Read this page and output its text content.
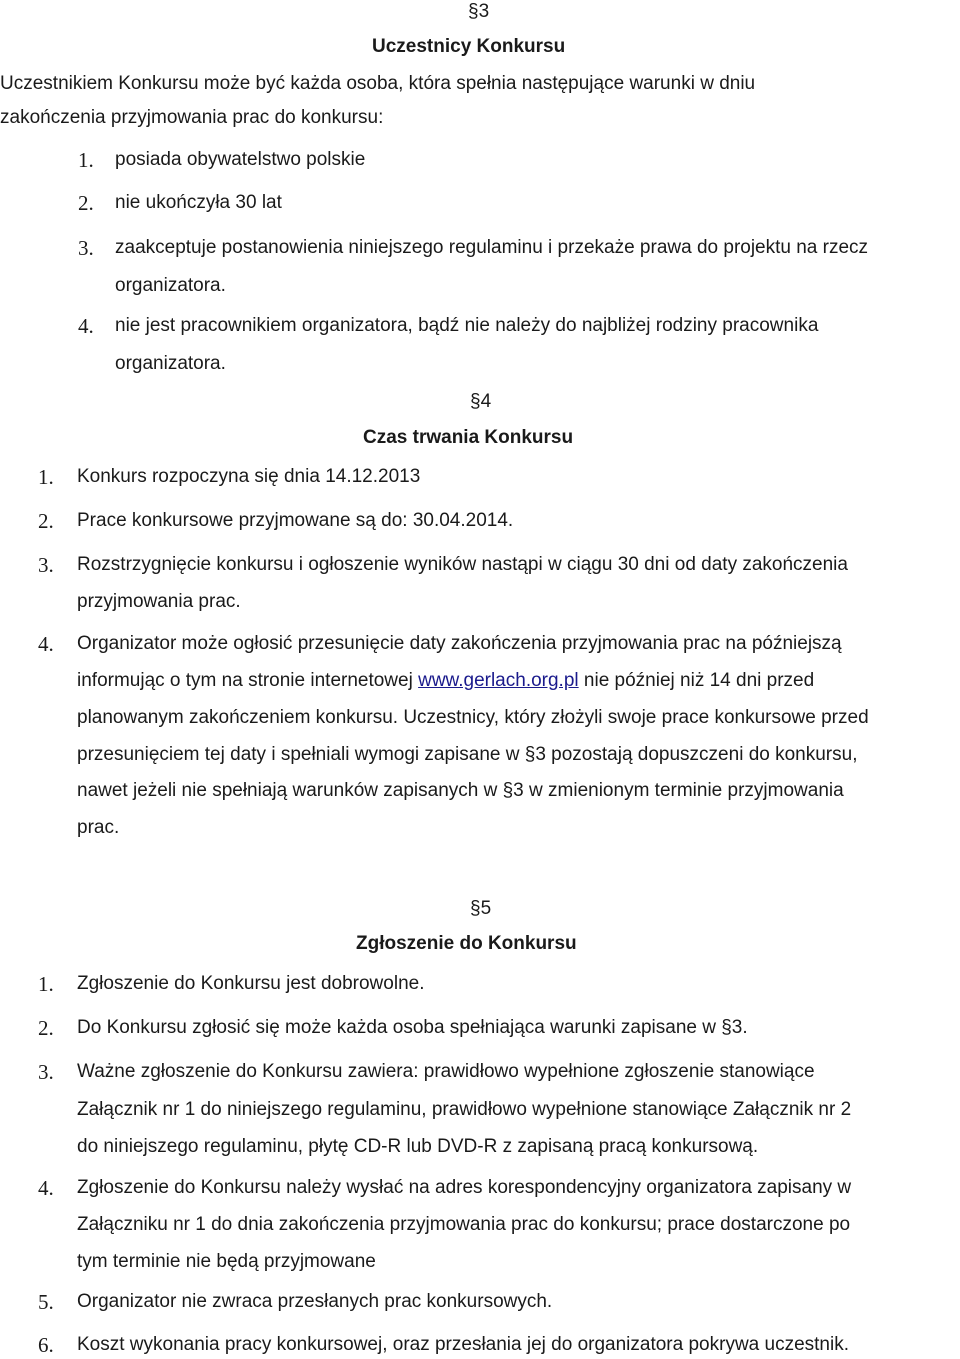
§3
Uczestnicy Konkursu
Uczestnikiem Konkursu może być każda osoba, która spełnia następujące warunki w dniu
zakończenia przyjmowania prac do konkursu:
1. posiada obywatelstwo polskie
2. nie ukończyła 30 lat
3. zaakceptuje postanowienia niniejszego regulaminu i przekaże prawa do projektu na rzecz
organizatora.
4. nie jest pracownikiem organizatora, bądź nie należy do najbliżej rodziny pracownika
organizatora.
§4
Czas trwania Konkursu
1. Konkurs rozpoczyna się dnia 14.12.2013
2. Prace konkursowe przyjmowane są do: 30.04.2014.
3. Rozstrzygnięcie konkursu i ogłoszenie wyników nastąpi w ciągu 30 dni od daty zakończenia
przyjmowania prac.
4. Organizator może ogłosić przesunięcie daty zakończenia przyjmowania prac na późniejszą
informując o tym na stronie internetowej www.gerlach.org.pl nie później niż 14 dni przed
planowanym zakończeniem konkursu. Uczestnicy, który złożyli swoje prace konkursowe przed
przesunięciem tej daty i spełniali wymogi zapisane w §3 pozostają dopuszczeni do konkursu,
nawet jeżeli nie spełniają warunków zapisanych w §3 w zmienionym terminie przyjmowania
prac.
§5
Zgłoszenie do Konkursu
1. Zgłoszenie do Konkursu jest dobrowolne.
2. Do Konkursu zgłosić się może każda osoba spełniająca warunki zapisane w §3.
3. Ważne zgłoszenie do Konkursu zawiera: prawidłowo wypełnione zgłoszenie stanowiące
Załącznik nr 1 do niniejszego regulaminu, prawidłowo wypełnione stanowiące Załącznik nr 2
do niniejszego regulaminu, płytę CD-R lub DVD-R z zapisaną pracą konkursową.
4. Zgłoszenie do Konkursu należy wysłać na adres korespondencyjny organizatora zapisany w
Załączniku nr 1 do dnia zakończenia przyjmowania prac do konkursu; prace dostarczone po
tym terminie nie będą przyjmowane
5. Organizator nie zwraca przesłanych prac konkursowych.
6. Koszt wykonania pracy konkursowej, oraz przesłania jej do organizatora pokrywa uczestnik.
